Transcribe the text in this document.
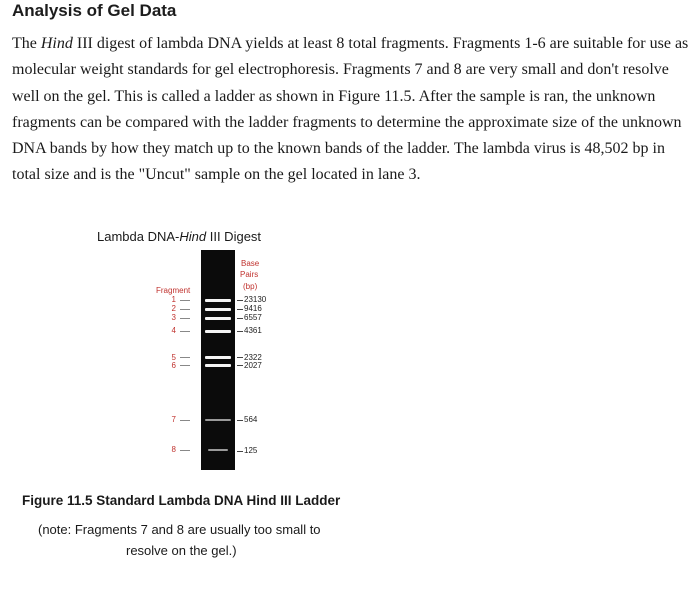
Analysis of Gel Data

The Hind III digest of lambda DNA yields at least 8 total fragments. Fragments 1-6 are suitable for use as molecular weight standards for gel electrophoresis. Fragments 7 and 8 are very small and don't resolve well on the gel. This is called a ladder as shown in Figure 11.5. After the sample is ran, the unknown fragments can be compared with the ladder fragments to determine the approximate size of the unknown DNA bands by how they match up to the known bands of the ladder. The lambda virus is 48,502 bp in total size and is the "Uncut" sample on the gel located in lane 3.

Lambda DNA-Hind III Digest
Base
Pairs
(bp)
Fragment
1	23130
2	9416
3	6557
4	4361
5	2322
6	2027
7	564
8	125
Figure 11.5 Standard Lambda DNA Hind III Ladder
(note: Fragments 7 and 8 are usually too small to
resolve on the gel.)
